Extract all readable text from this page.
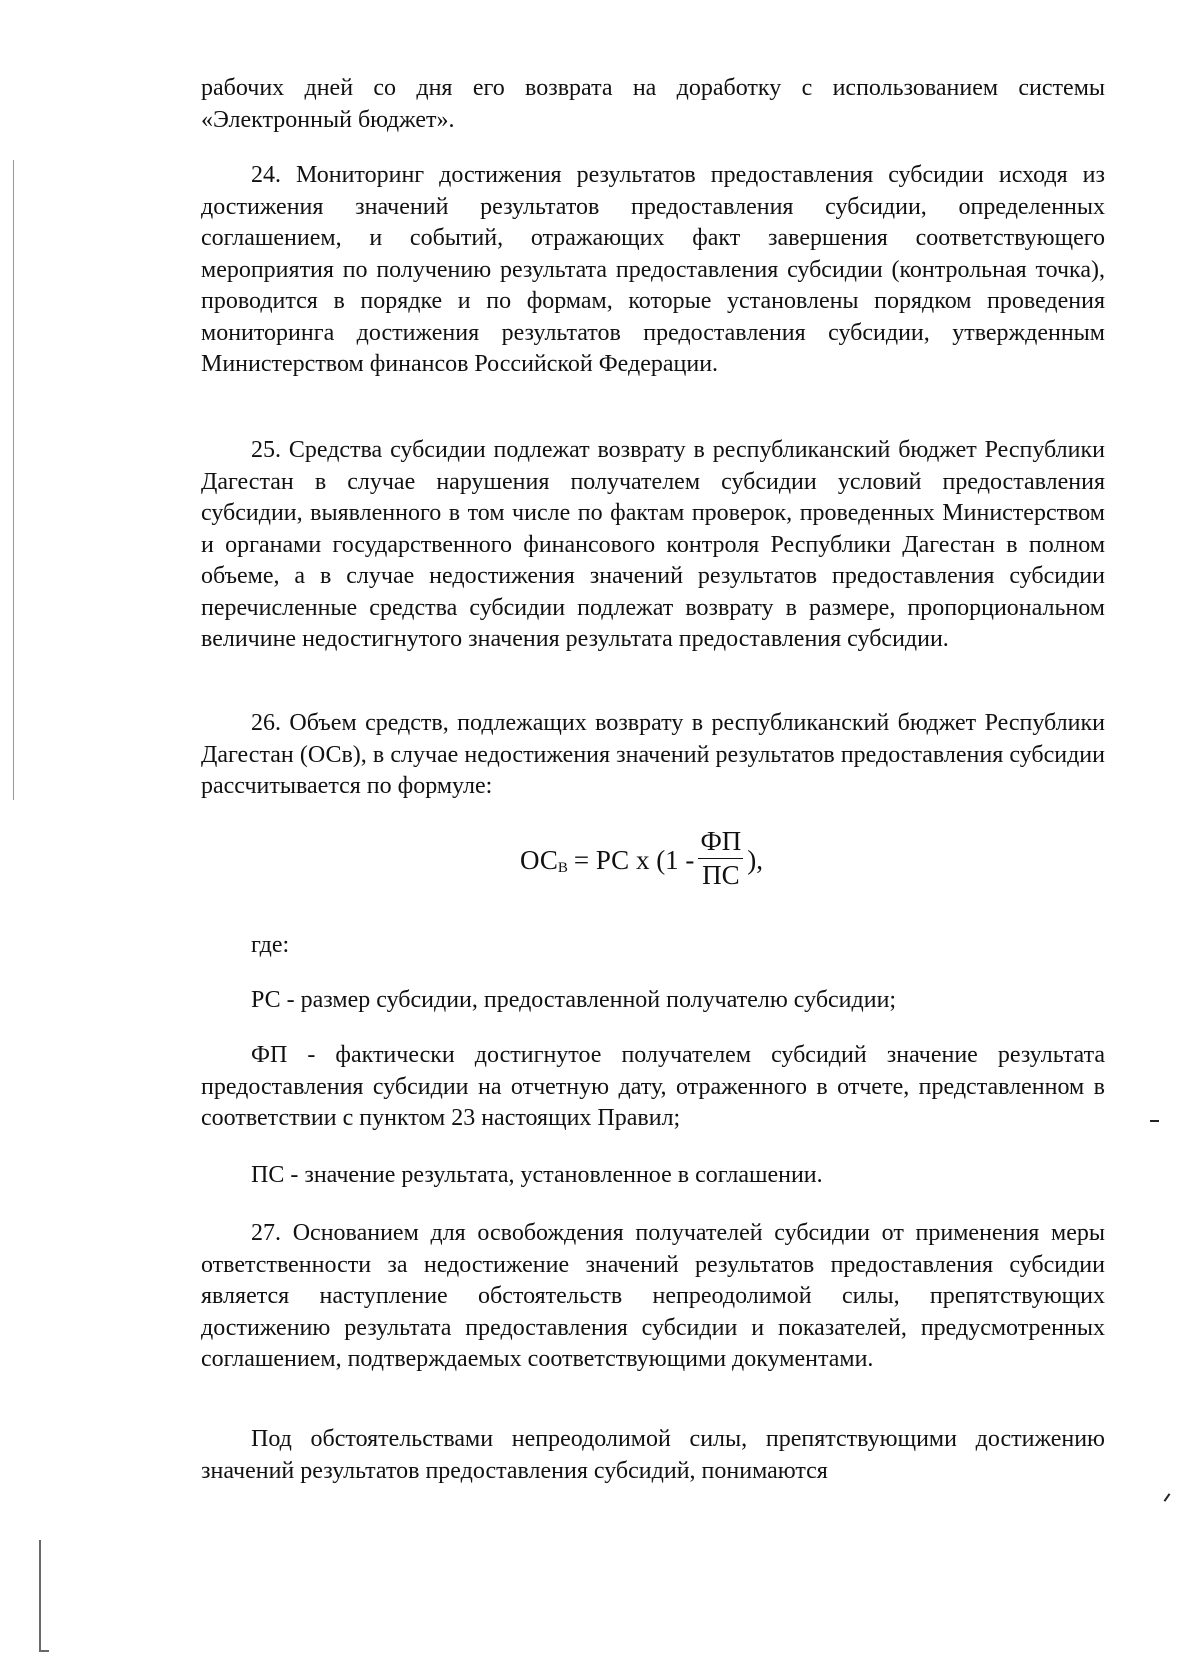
рабочих дней со дня его возврата на доработку с использованием системы «Электронный бюджет».

24. Мониторинг достижения результатов предоставления субсидии исходя из достижения значений результатов предоставления субсидии, определенных соглашением, и событий, отражающих факт завершения соответствующего мероприятия по получению результата предоставления субсидии (контрольная точка), проводится в порядке и по формам, которые установлены порядком проведения мониторинга достижения результатов предоставления субсидии, утвержденным Министерством финансов Российской Федерации.

25. Средства субсидии подлежат возврату в республиканский бюджет Республики Дагестан в случае нарушения получателем субсидии условий предоставления субсидии, выявленного в том числе по фактам проверок, проведенных Министерством и органами государственного финансового контроля Республики Дагестан в полном объеме, а в случае недостижения значений результатов предоставления субсидии перечисленные средства субсидии подлежат возврату в размере, пропорциональном величине недостигнутого значения результата предоставления субсидии.

26. Объем средств, подлежащих возврату в республиканский бюджет Республики Дагестан (ОСв), в случае недостижения значений результатов предоставления субсидии рассчитывается по формуле:

ОС В = РС х ($1 - \frac{ФП}{ПС}$ ),

где:

РС - размер субсидии, предоставленной получателю субсидии;

ФП - фактически достигнутое получателем субсидий значение результата предоставления субсидии на отчетную дату, отраженного в отчете, представленном в соответствии с пунктом 23 настоящих Правил;

ПС - значение результата, установленное в соглашении.

27. Основанием для освобождения получателей субсидии от применения меры ответственности за недостижение значений результатов предоставления субсидии является наступление обстоятельств непреодолимой силы, препятствующих достижению результата предоставления субсидии и показателей, предусмотренных соглашением, подтверждаемых соответствующими документами.

Под обстоятельствами непреодолимой силы, препятствующими достижению значений результатов предоставления субсидий, понимаются
